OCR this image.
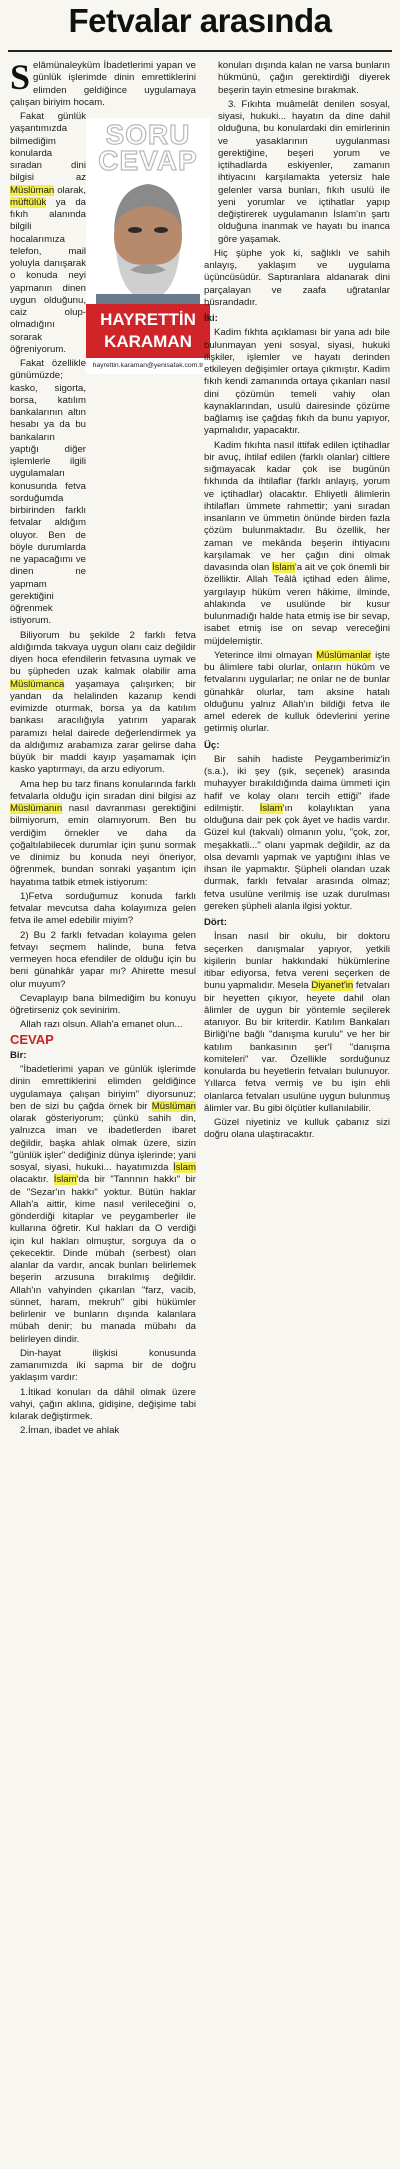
Fetvalar arasında
SORU
CEVAP
HAYRETTİN
KARAMAN
hayrettin.karaman@yenisafak.com.tr

Selâmünaleyküm İbadetlerimi yapan ve günlük işlerimde dinin emrettiklerini elimden geldiğince uygulamaya çalışan biriyim hocam.

Fakat günlük yaşantımızda bilmediğim konularda sıradan dini bilgisi az Müslüman olarak, müftülük ya da fıkıh alanında bilgili hocalarımıza telefon, mail yoluyla danışarak o konuda neyi yapmanın dinen uygun olduğunu, caiz olup-olmadığını sorarak öğreniyorum.

Fakat özellikle günümüzde; kasko, sigorta, borsa, katılım bankalarının altın hesabı ya da bu bankaların yaptığı diğer işlemlerle ilgili uygulamaları konusunda fetva sorduğumda birbirinden farklı fetvalar aldığım oluyor. Ben de böyle durumlarda ne yapacağımı ve dinen ne yapmam gerektiğini öğrenmek istiyorum.

Biliyorum bu şekilde 2 farklı fetva aldığımda takvaya uygun olanı caiz değildir diyen hoca efendilerin fetvasına uymak ve bu şüpheden uzak kalmak olabilir ama Müslümanca yaşamaya çalışırken; bir yandan da helalinden kazanıp kendi evimizde oturmak, borsa ya da katılım bankası aracılığıyla yatırım yaparak paramızı helal dairede değerlendirmek ya da aldığımız arabamıza zarar gelirse daha büyük bir maddi kayıp yaşamamak için kasko yaptırmayı, da arzu ediyorum.

Ama hep bu tarz finans konularında farklı fetvalarla olduğu için sıradan dini bilgisi az Müslümanın nasıl davranması gerektiğini bilmiyorum, emin olamıyorum. Ben bu verdiğim örnekler ve daha da çoğaltılabilecek durumlar için şunu sormak ve dinimiz bu konuda neyi öneriyor, öğrenmek, bundan sonraki yaşantım için hayatıma tatbik etmek istiyorum:

1)Fetva sorduğumuz konuda farklı fetvalar mevcutsa daha kolayımıza gelen fetva ile amel edebilir miyim?

2) Bu 2 farklı fetvadan kolayıma gelen fetvayı seçmem halinde, buna fetva vermeyen hoca efendiler de olduğu için bu beni günahkâr yapar mı? Ahirette mesul olur muyum?

Cevaplayıp bana bilmediğim bu konuyu öğretirseniz çok sevinirim.

Allah razı olsun. Allah'a emanet olun...

CEVAP

Bir:

"İbadetlerimi yapan ve günlük işlerimde dinin emrettiklerini elimden geldiğince uygulamaya çalışan biriyim" diyorsunuz; ben de sizi bu çağda örnek bir Müslüman olarak gösteriyorum; çünkü sahih din, yalnızca iman ve ibadetlerden ibaret değildir, başka ahlak olmak üzere, sizin "günlük işler" dediğiniz dünya işlerinde; yani sosyal, siyasi, hukuki... hayatımızda İslam olacaktır. İslam'da bir "Tanrının hakkı" bir de "Sezar'ın hakkı" yoktur. Bütün haklar Allah'a aittir, kime nasıl verileceğini o, gönderdiği kitaplar ve peygamberler ile kullarına öğretir. Kul hakları da O verdiği için kul hakları olmuştur, sorguya da o çekecektir. Dinde mübah (serbest) olan alanlar da vardır, ancak bunları belirlemek beşerin arzusuna bırakılmış değildir. Allah'ın vahyinden çıkarılan "farz, vacib, sünnet, haram, mekruh" gibi hükümler belirlenir ve bunların dışında kalanlara mübah denir; bu manada mübahı da belirleyen dindir.

Din-hayat ilişkisi konusunda zamanımızda iki sapma bir de doğru yaklaşım vardır:

1.İtikad konuları da dâhil olmak üzere vahyi, çağın aklına, gidişine, değişime tabi kılarak değiştirmek.

2.İman, ibadet ve ahlak

konuları dışında kalan ne varsa bunların hükmünü, çağın gerektirdiği diyerek beşerin tayin etmesine bırakmak.

3. Fıkıhta muâmelât denilen sosyal, siyasi, hukuki... hayatın da dine dahil olduğuna, bu konulardaki din emirlerinin ve yasaklarının uygulanması gerektiğine, beşeri yorum ve içtihadlarda eskiyenler, zamanın ihtiyacını karşılamakta yetersiz hale gelenler varsa bunları, fıkıh usulü ile yeni yorumlar ve içtihatlar yapıp değiştirerek uygulamanın İslam'ın şartı olduğuna inanmak ve hayatı bu inanca göre yaşamak.

Hiç şüphe yok ki, sağlıklı ve sahih anlayış, yaklaşım ve uygulama üçüncüsüdür. Saptıranlara aldanarak dini parçalayan ve zaafa uğratanlar hüsrandadır.

İki:

Kadim fıkhta açıklaması bir yana adı bile bulunmayan yeni sosyal, siyasi, hukuki ilişkiler, işlemler ve hayatı derinden etkileyen değişimler ortaya çıkmıştır. Kadim fıkıh kendi zamanında ortaya çıkanları nasıl dini çözümün temeli vahiy olan kaynaklarından, usulü dairesinde çözüme bağlamış ise çağdaş fıkıh da bunu yapıyor, yapmalıdır, yapacaktır.

Kadim fıkıhta nasıl ittifak edilen içtihadlar bir avuç, ihtilaf edilen (farklı olanlar) ciltlere sığmayacak kadar çok ise bugünün fıkhında da ihtilaflar (farklı anlayış, yorum ve içtihadlar) olacaktır. Ehliyetli âlimlerin ihtilafları ümmete rahmettir; yani sıradan insanların ve ümmetin önünde birden fazla çözüm bulunmaktadır. Bu özellik, her zaman ve mekânda beşerin ihtiyacını karşılamak ve her çağın dini olmak davasında olan İslam'a ait ve çok önemli bir özelliktir. Allah Teâlâ içtihad eden âlime, yargılayıp hüküm veren hâkime, ilminde, ahlakında ve usulünde bir kusur bulunmadığı halde hata etmiş ise bir sevap, isabet etmiş ise on sevap vereceğini müjdelemiştir.

Yeterince ilmi olmayan Müslümanlar işte bu âlimlere tabi olurlar, onların hükûm ve fetvalarını uygularlar; ne onlar ne de bunlar günahkâr olurlar, tam aksine hatalı olduğunu yalnız Allah'ın bildiği fetva ile amel ederek de kulluk ödevlerini yerine getirmiş olurlar.

Üç:

Bir sahih hadiste Peygamberimiz'in (s.a.), iki şey (şık, seçenek) arasında muhayyer bırakıldığında daima ümmeti için hafif ve kolay olanı tercih ettiği" ifade edilmiştir. İslam'ın kolaylıktan yana olduğuna dair pek çok âyet ve hadis vardır. Güzel kul (takvalı) olmanın yolu, "çok, zor, meşakkatli..." olanı yapmak değildir, az da olsa devamlı yapmak ve yaptığını ihlas ve ihsan ile yapmaktır. Şüpheli olandan uzak durmak, farklı fetvalar arasında olmaz; fetva usulüne verilmiş ise uzak durulması gereken şüpheli alanla ilgisi yoktur.

Dört:

İnsan nasıl bir okulu, bir doktoru seçerken danışmalar yapıyor, yetkili kişilerin bunlar hakkındaki hükümlerine itibar ediyorsa, fetva vereni seçerken de bunu yapmalıdır. Mesela Diyanet'in fetvaları bir heyetten çıkıyor, heyete dahil olan âlimler de uygun bir yöntemle seçilerek atanıyor. Bu bir kriterdir. Katılım Bankaları Birliği'ne bağlı "danışma kurulu" ve her bir katılım bankasının şer'î "danışma komiteleri" var. Özellikle sorduğunuz konularda bu heyetlerin fetvaları bulunuyor. Yıllarca fetva vermiş ve bu işin ehli olanlarca fetvaları usulüne uygun bulunmuş âlimler var. Bu gibi ölçütler kullanılabilir.

Güzel niyetiniz ve kulluk çabanız sizi doğru olana ulaştıracaktır.
